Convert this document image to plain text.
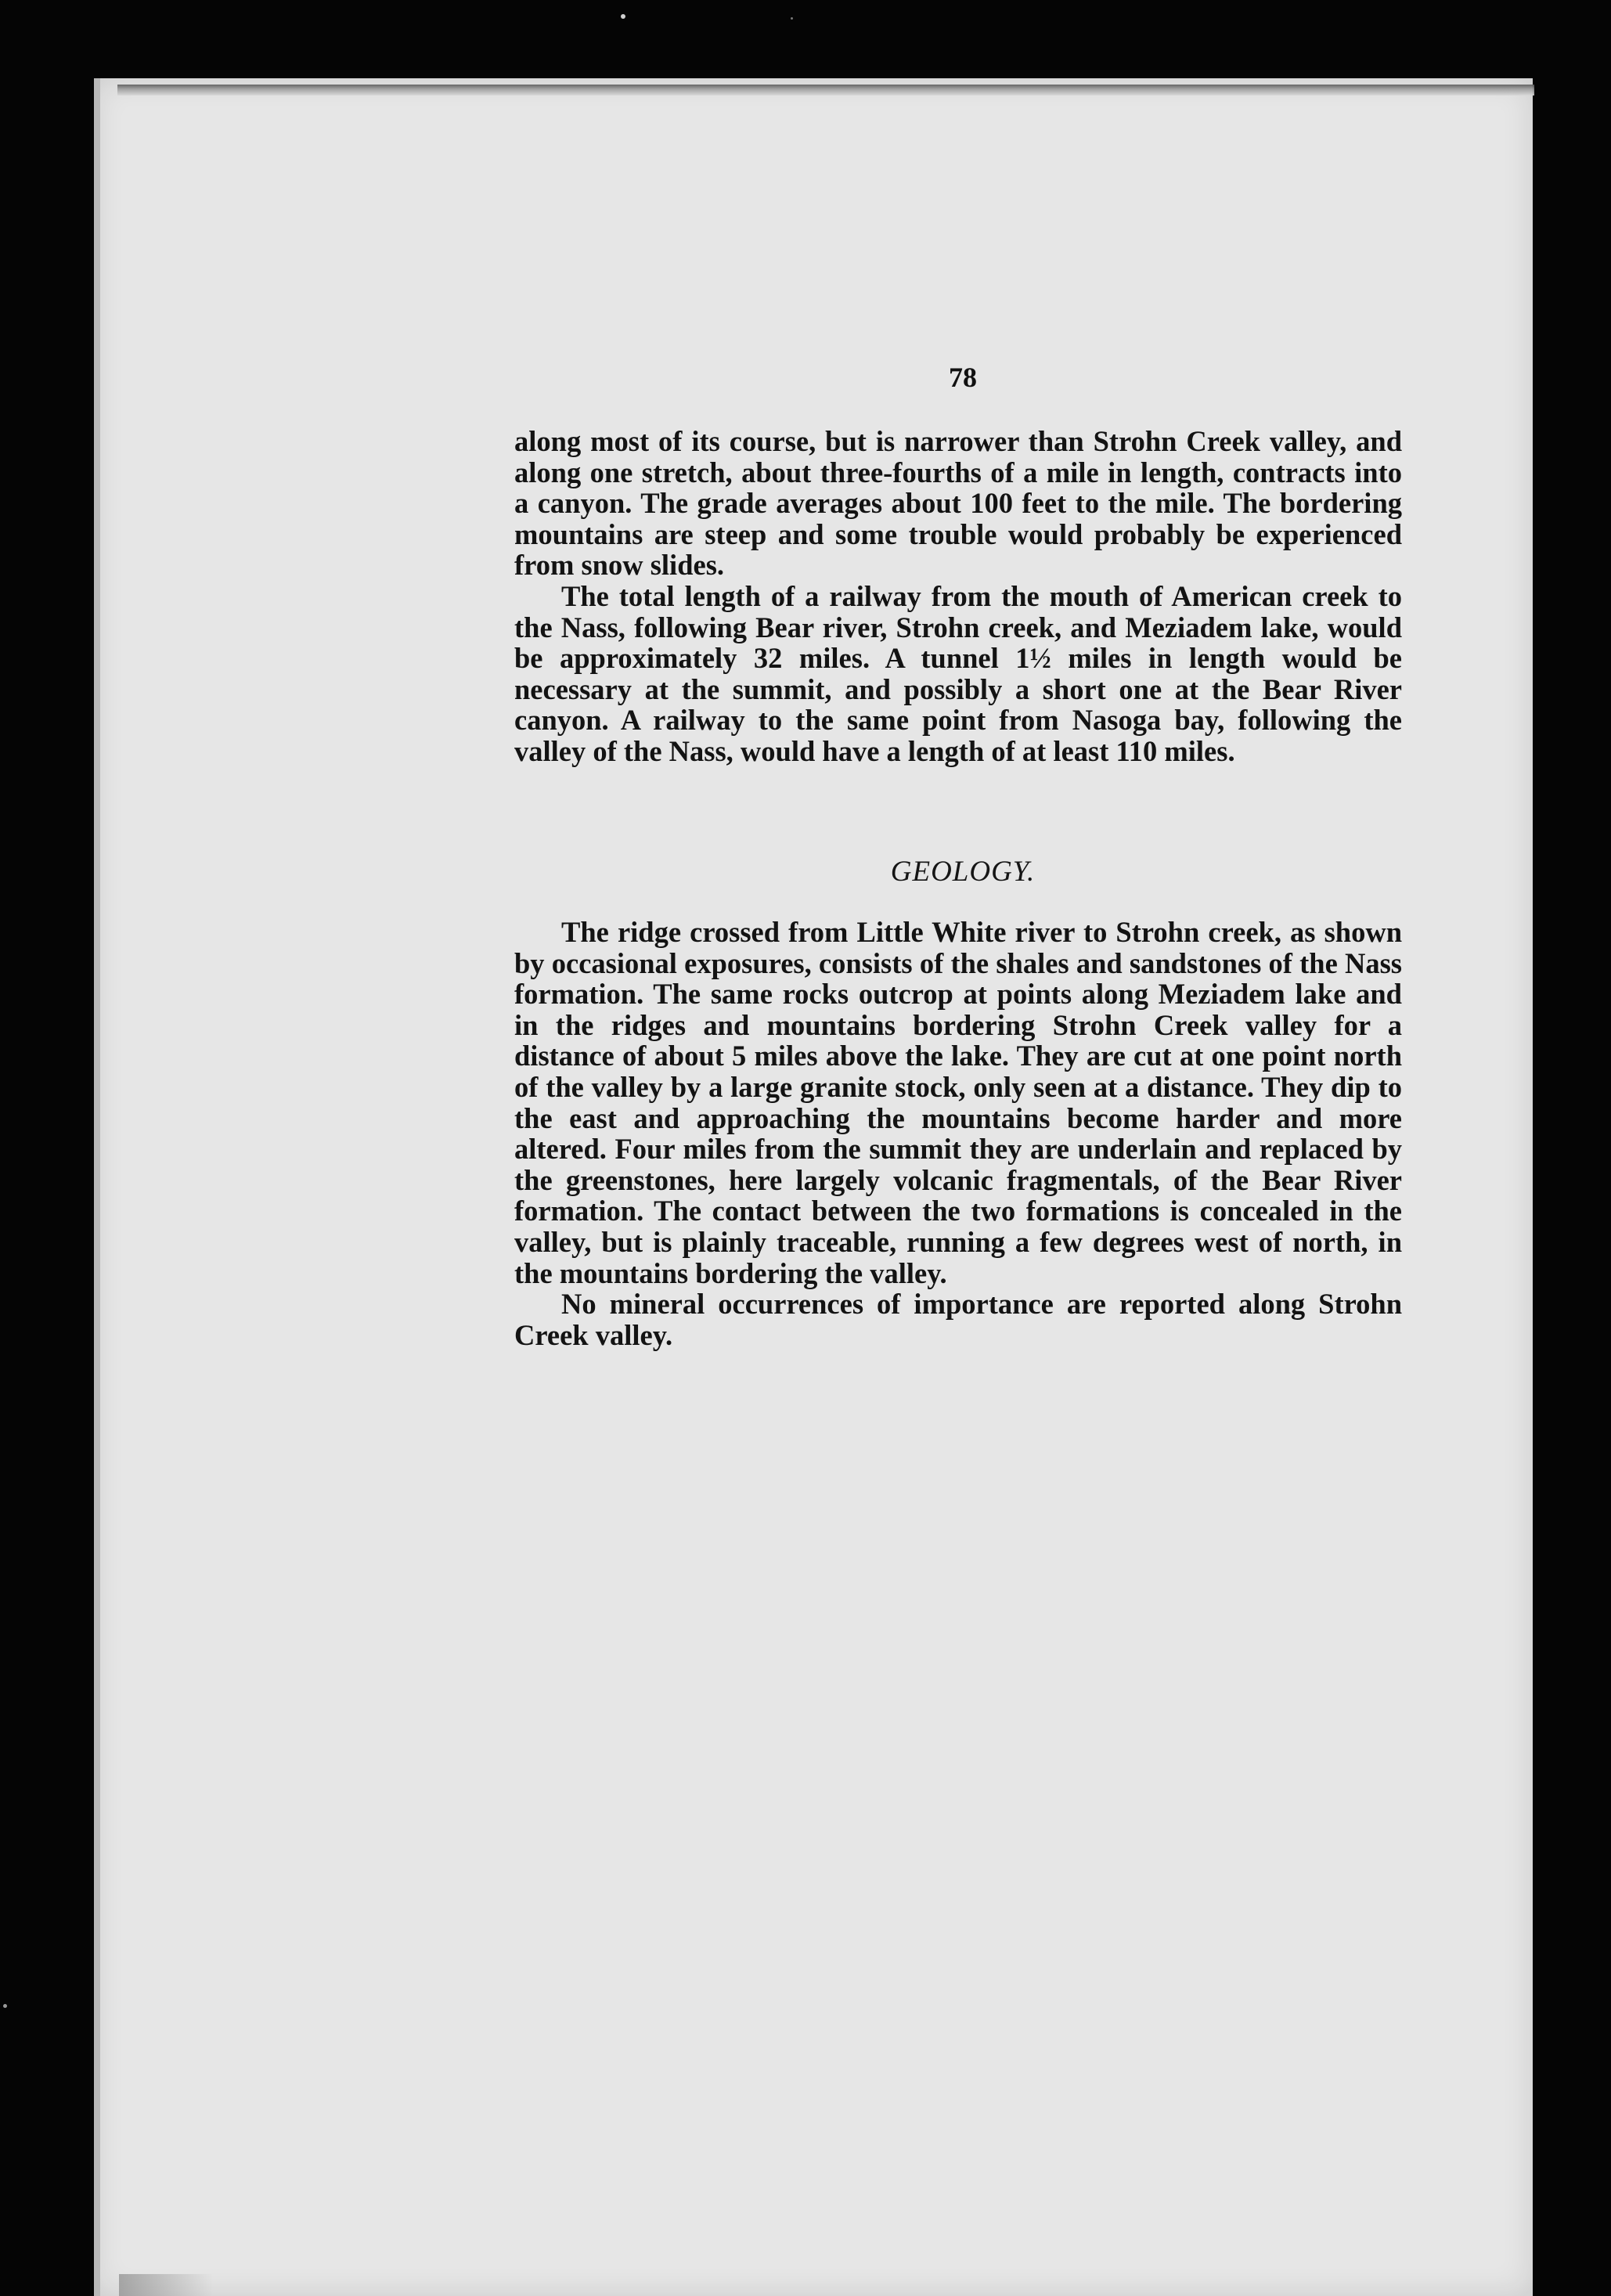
78

along most of its course, but is narrower than Strohn Creek valley, and along one stretch, about three-fourths of a mile in length, contracts into a canyon. The grade averages about 100 feet to the mile. The bordering mountains are steep and some trouble would probably be experienced from snow slides.

The total length of a railway from the mouth of American creek to the Nass, following Bear river, Strohn creek, and Meziadem lake, would be approximately 32 miles. A tunnel 1½ miles in length would be necessary at the summit, and possibly a short one at the Bear River canyon. A railway to the same point from Nasoga bay, following the valley of the Nass, would have a length of at least 110 miles.

GEOLOGY.

The ridge crossed from Little White river to Strohn creek, as shown by occasional exposures, consists of the shales and sandstones of the Nass formation. The same rocks outcrop at points along Meziadem lake and in the ridges and mountains bordering Strohn Creek valley for a distance of about 5 miles above the lake. They are cut at one point north of the valley by a large granite stock, only seen at a distance. They dip to the east and approaching the mountains become harder and more altered. Four miles from the summit they are underlain and replaced by the greenstones, here largely volcanic fragmentals, of the Bear River formation. The contact between the two formations is concealed in the valley, but is plainly traceable, running a few degrees west of north, in the mountains bordering the valley.

No mineral occurrences of importance are reported along Strohn Creek valley.
